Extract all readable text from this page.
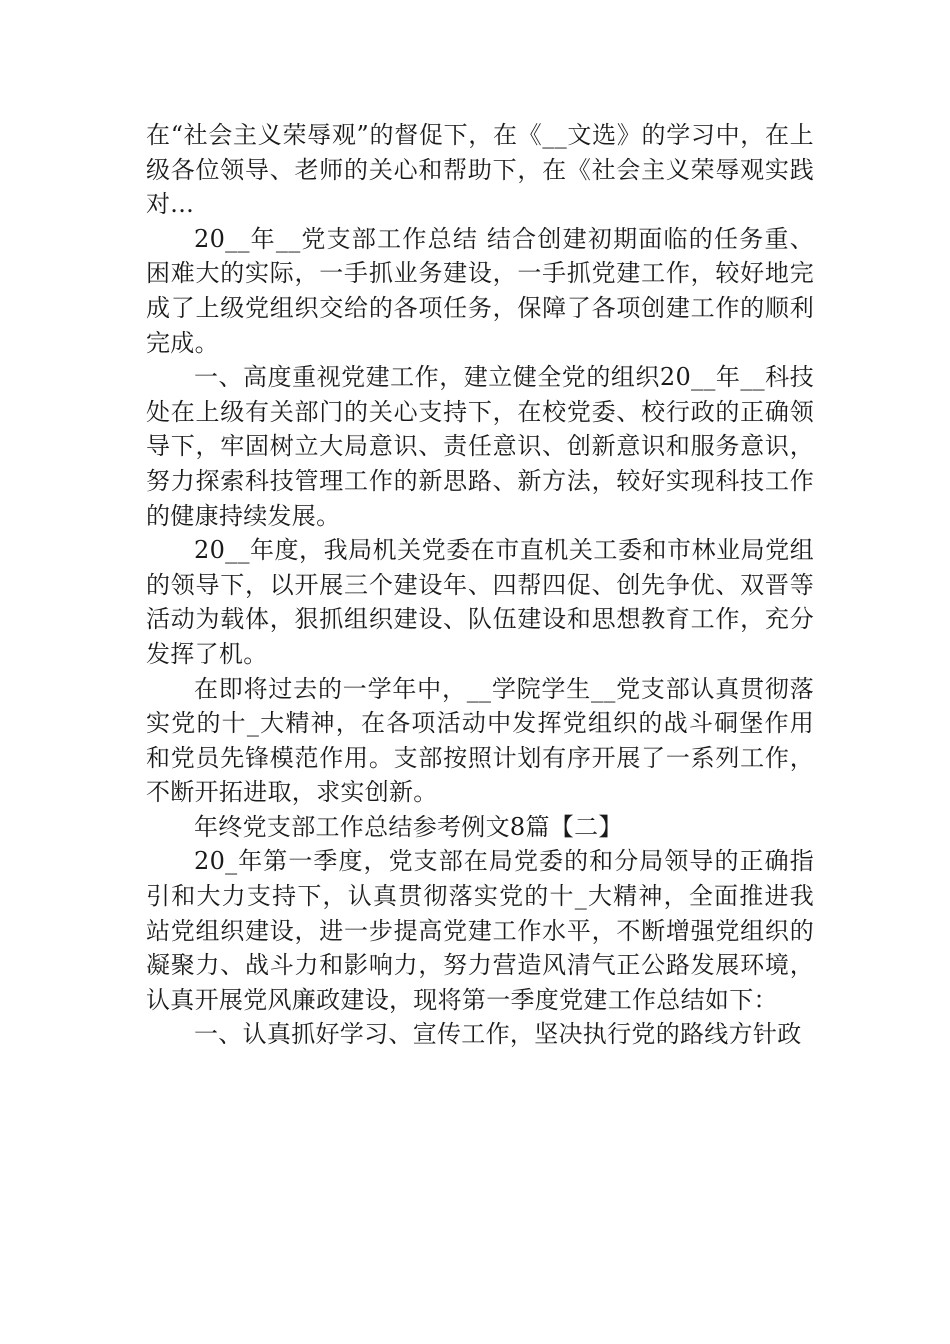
在“社会主义荣辱观”的督促下，在《__文选》的学习中，在上级各位领导、老师的关心和帮助下，在《社会主义荣辱观实践对...

20__年__党支部工作总结 结合创建初期面临的任务重、困难大的实际，一手抓业务建设，一手抓党建工作，较好地完成了上级党组织交给的各项任务，保障了各项创建工作的顺利完成。

一、高度重视党建工作，建立健全党的组织20__年__科技处在上级有关部门的关心支持下，在校党委、校行政的正确领导下，牢固树立大局意识、责任意识、创新意识和服务意识，努力探索科技管理工作的新思路、新方法，较好实现科技工作的健康持续发展。

20__年度，我局机关党委在市直机关工委和市林业局党组的领导下，以开展三个建设年、四帮四促、创先争优、双晋等活动为载体，狠抓组织建设、队伍建设和思想教育工作，充分发挥了机。

在即将过去的一学年中，__学院学生__党支部认真贯彻落实党的十_大精神，在各项活动中发挥党组织的战斗硐堡作用和党员先锋模范作用。支部按照计划有序开展了一系列工作，不断开拓进取，求实创新。

年终党支部工作总结参考例文8篇【二】

20_年第一季度，党支部在局党委的和分局领导的正确指引和大力支持下，认真贯彻落实党的十_大精神，全面推进我站党组织建设，进一步提高党建工作水平，不断增强党组织的凝聚力、战斗力和影响力，努力营造风清气正公路发展环境，认真开展党风廉政建设，现将第一季度党建工作总结如下：

一、认真抓好学习、宣传工作，坚决执行党的路线方针政
